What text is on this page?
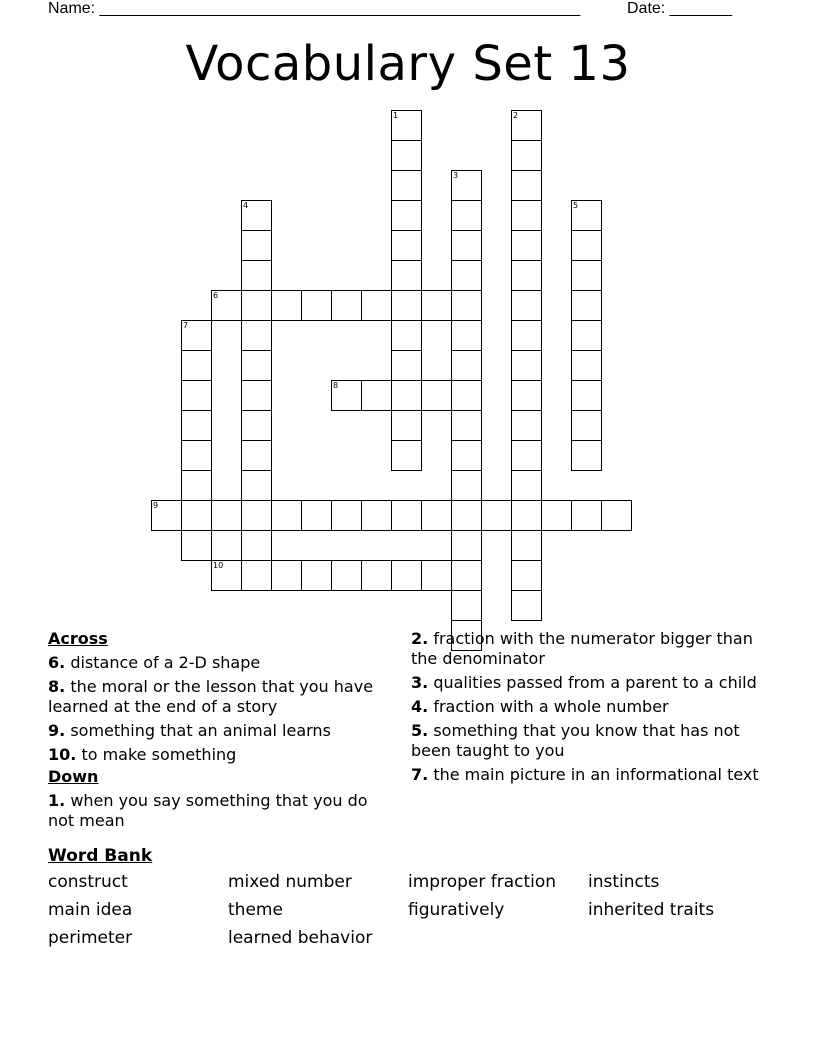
Name: ______________________________________________________	Date: _______
Vocabulary Set 13
1	2
3
4	5
6
7
8
9
10
Across
6. distance of a 2-D shape
8. the moral or the lesson that you have learned at the end of a story
9. something that an animal learns
10. to make something
Down
1. when you say something that you do not mean
2. fraction with the numerator bigger than the denominator
3. qualities passed from a parent to a child
4. fraction with a whole number
5. something that you know that has not been taught to you
7. the main picture in an informational text
Word Bank
construct	mixed number	improper fraction	instincts
main idea	theme	figuratively	inherited traits
perimeter	learned behavior
